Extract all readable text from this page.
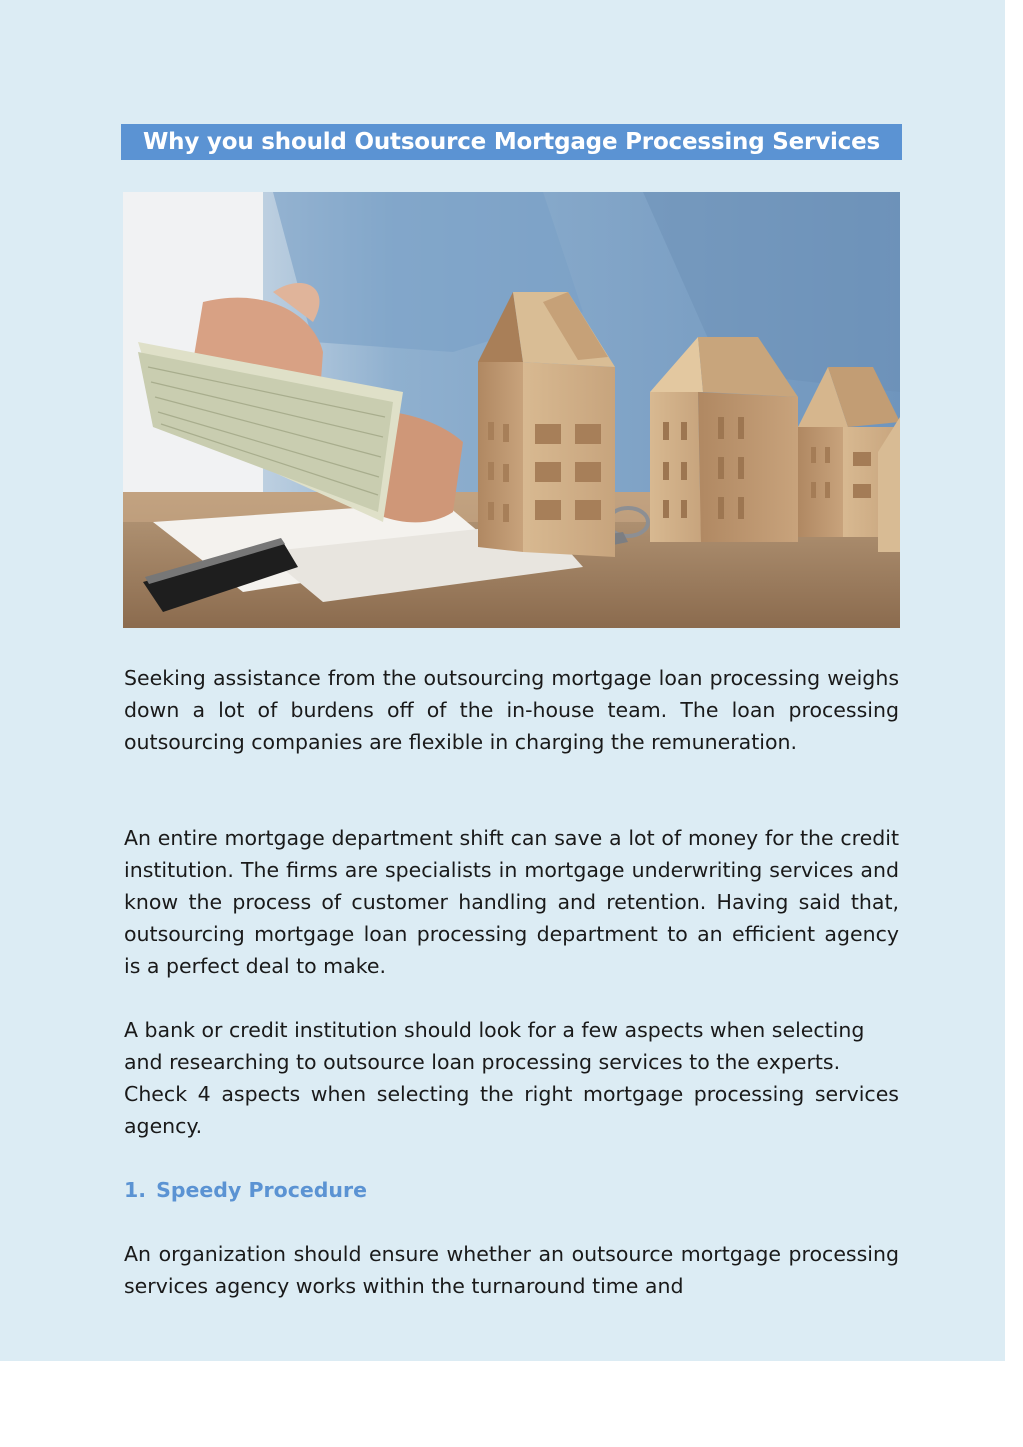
Why you should Outsource Mortgage Processing Services

Seeking assistance from the outsourcing mortgage loan processing weighs down a lot of burdens off of the in-house team. The loan processing outsourcing companies are flexible in charging the remuneration.

An entire mortgage department shift can save a lot of money for the credit institution. The firms are specialists in mortgage underwriting services and know the process of customer handling and retention. Having said that, outsourcing mortgage loan processing department to an efficient agency is a perfect deal to make.

A bank or credit institution should look for a few aspects when selecting and researching to outsource loan processing services to the experts.

Check 4 aspects when selecting the right mortgage processing services agency.

1. Speedy Procedure

An organization should ensure whether an outsource mortgage processing services agency works within the turnaround time and
